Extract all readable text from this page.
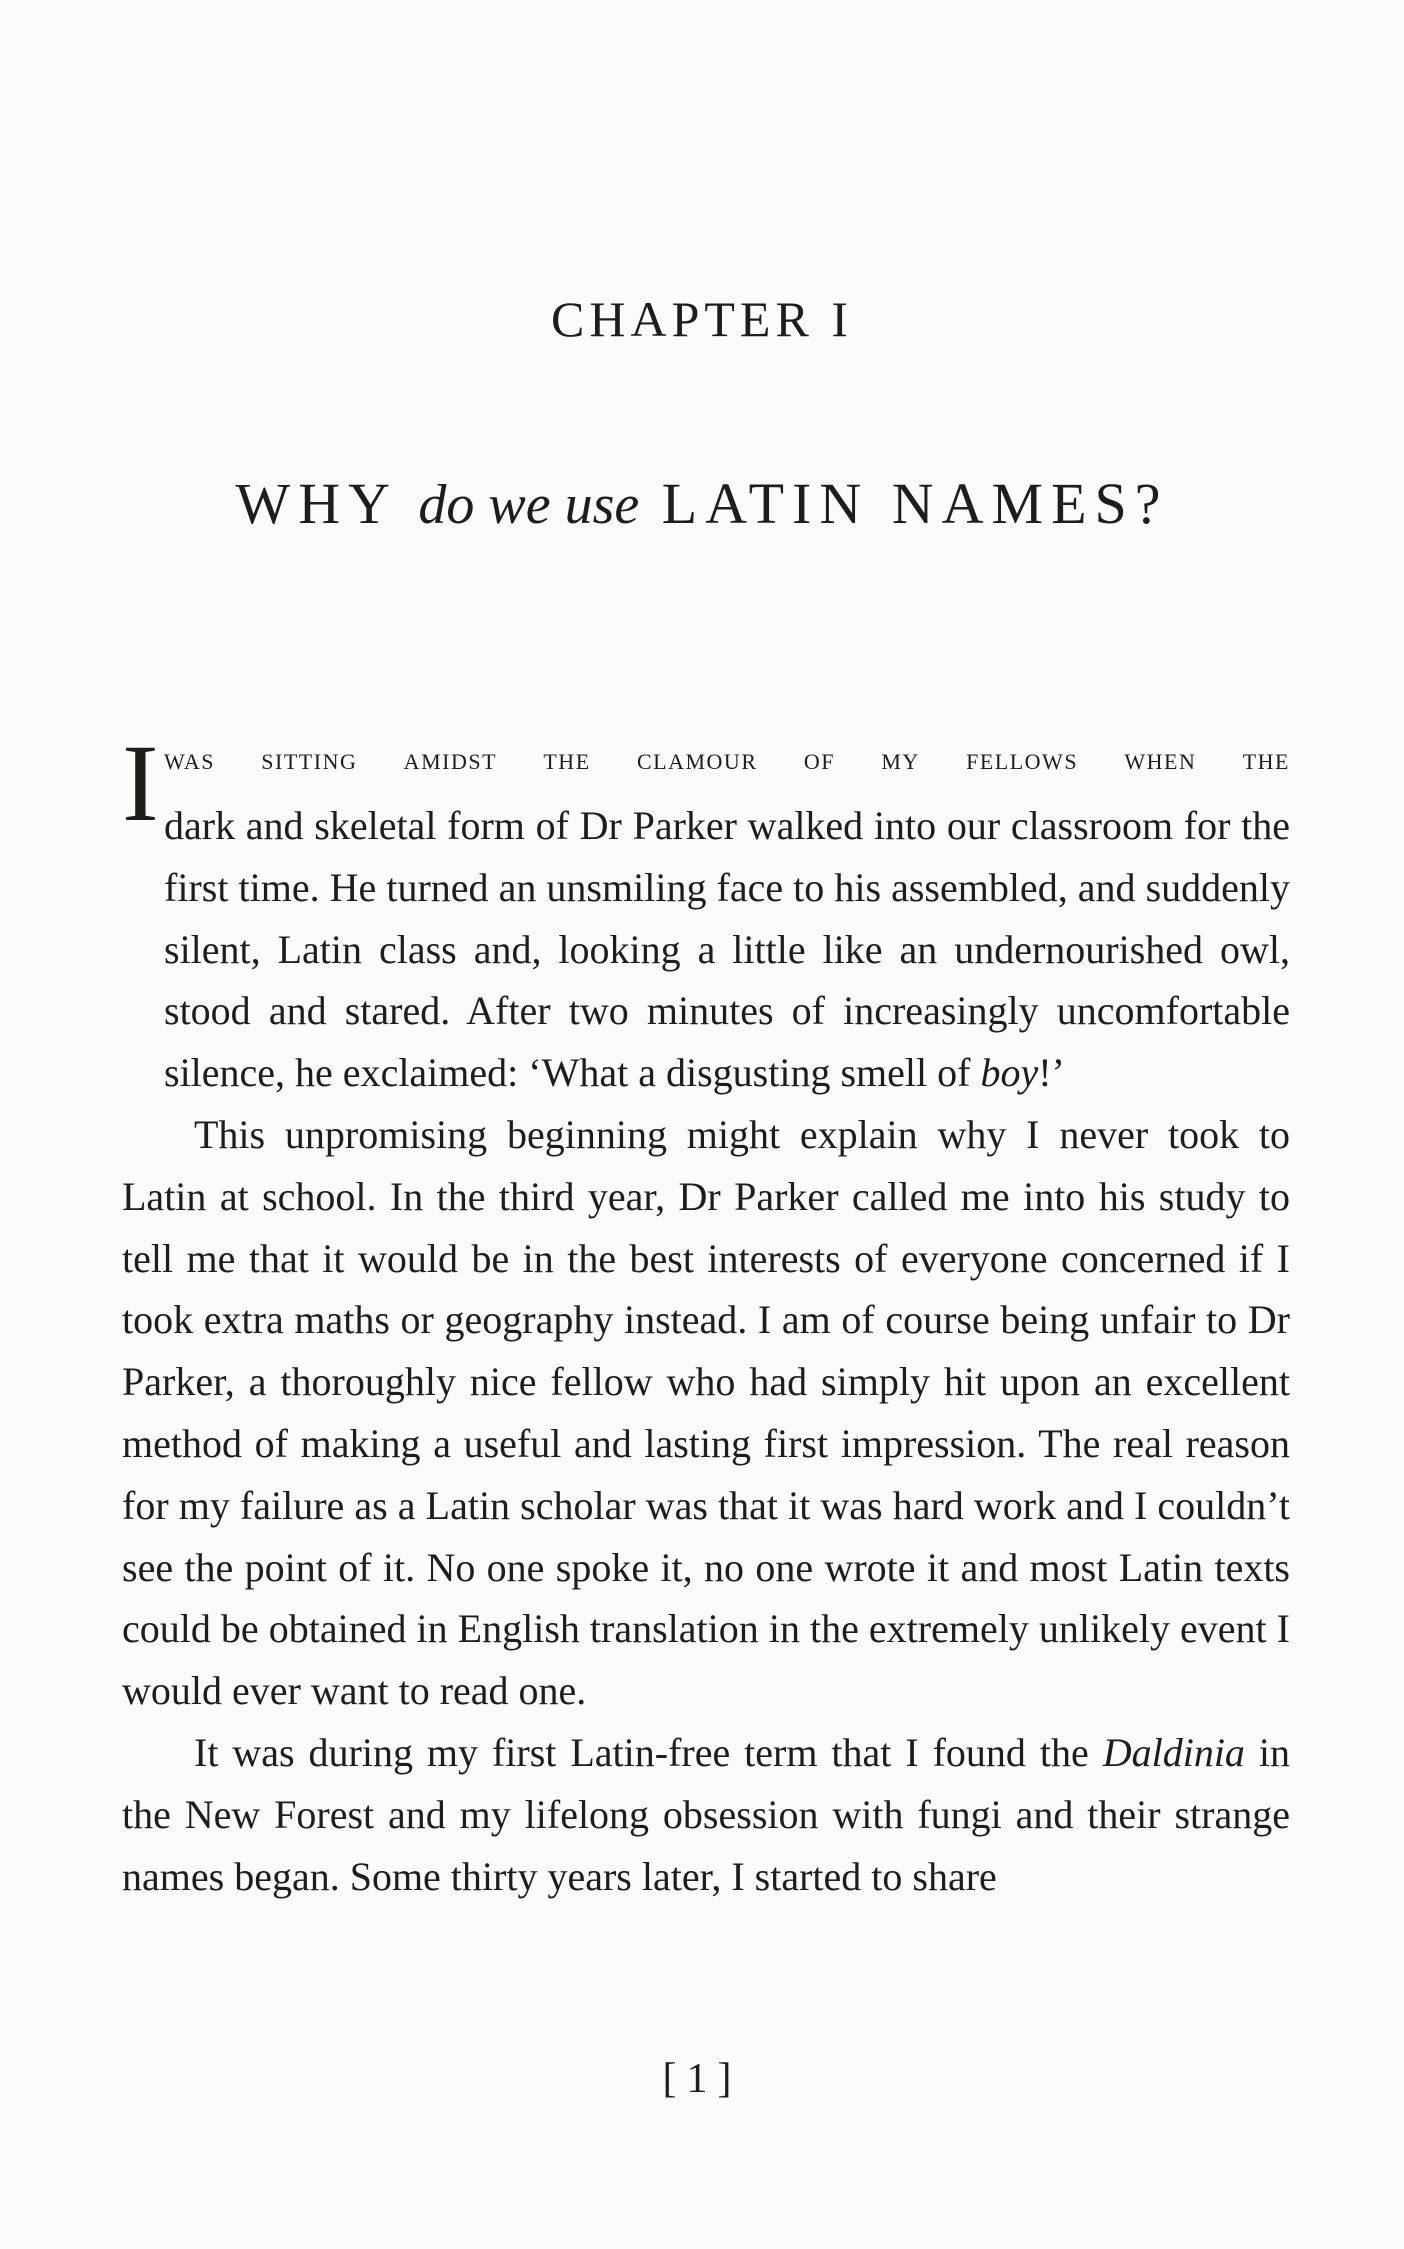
CHAPTER I
WHY do we use LATIN NAMES?
I was sitting amidst the clamour of my fellows when the

dark and skeletal form of Dr Parker walked into our classroom for the first time. He turned an unsmiling face to his assembled, and suddenly silent, Latin class and, looking a little like an undernourished owl, stood and stared. After two minutes of increasingly uncomfortable silence, he exclaimed: ‘What a disgusting smell of boy!’

This unpromising beginning might explain why I never took to Latin at school. In the third year, Dr Parker called me into his study to tell me that it would be in the best interests of everyone concerned if I took extra maths or geography instead. I am of course being unfair to Dr Parker, a thoroughly nice fellow who had simply hit upon an excellent method of making a useful and lasting first impression. The real reason for my failure as a Latin scholar was that it was hard work and I couldn’t see the point of it. No one spoke it, no one wrote it and most Latin texts could be obtained in English translation in the extremely unlikely event I would ever want to read one.

It was during my first Latin-free term that I found the Daldinia in the New Forest and my lifelong obsession with fungi and their strange names began. Some thirty years later, I started to share

[1]
